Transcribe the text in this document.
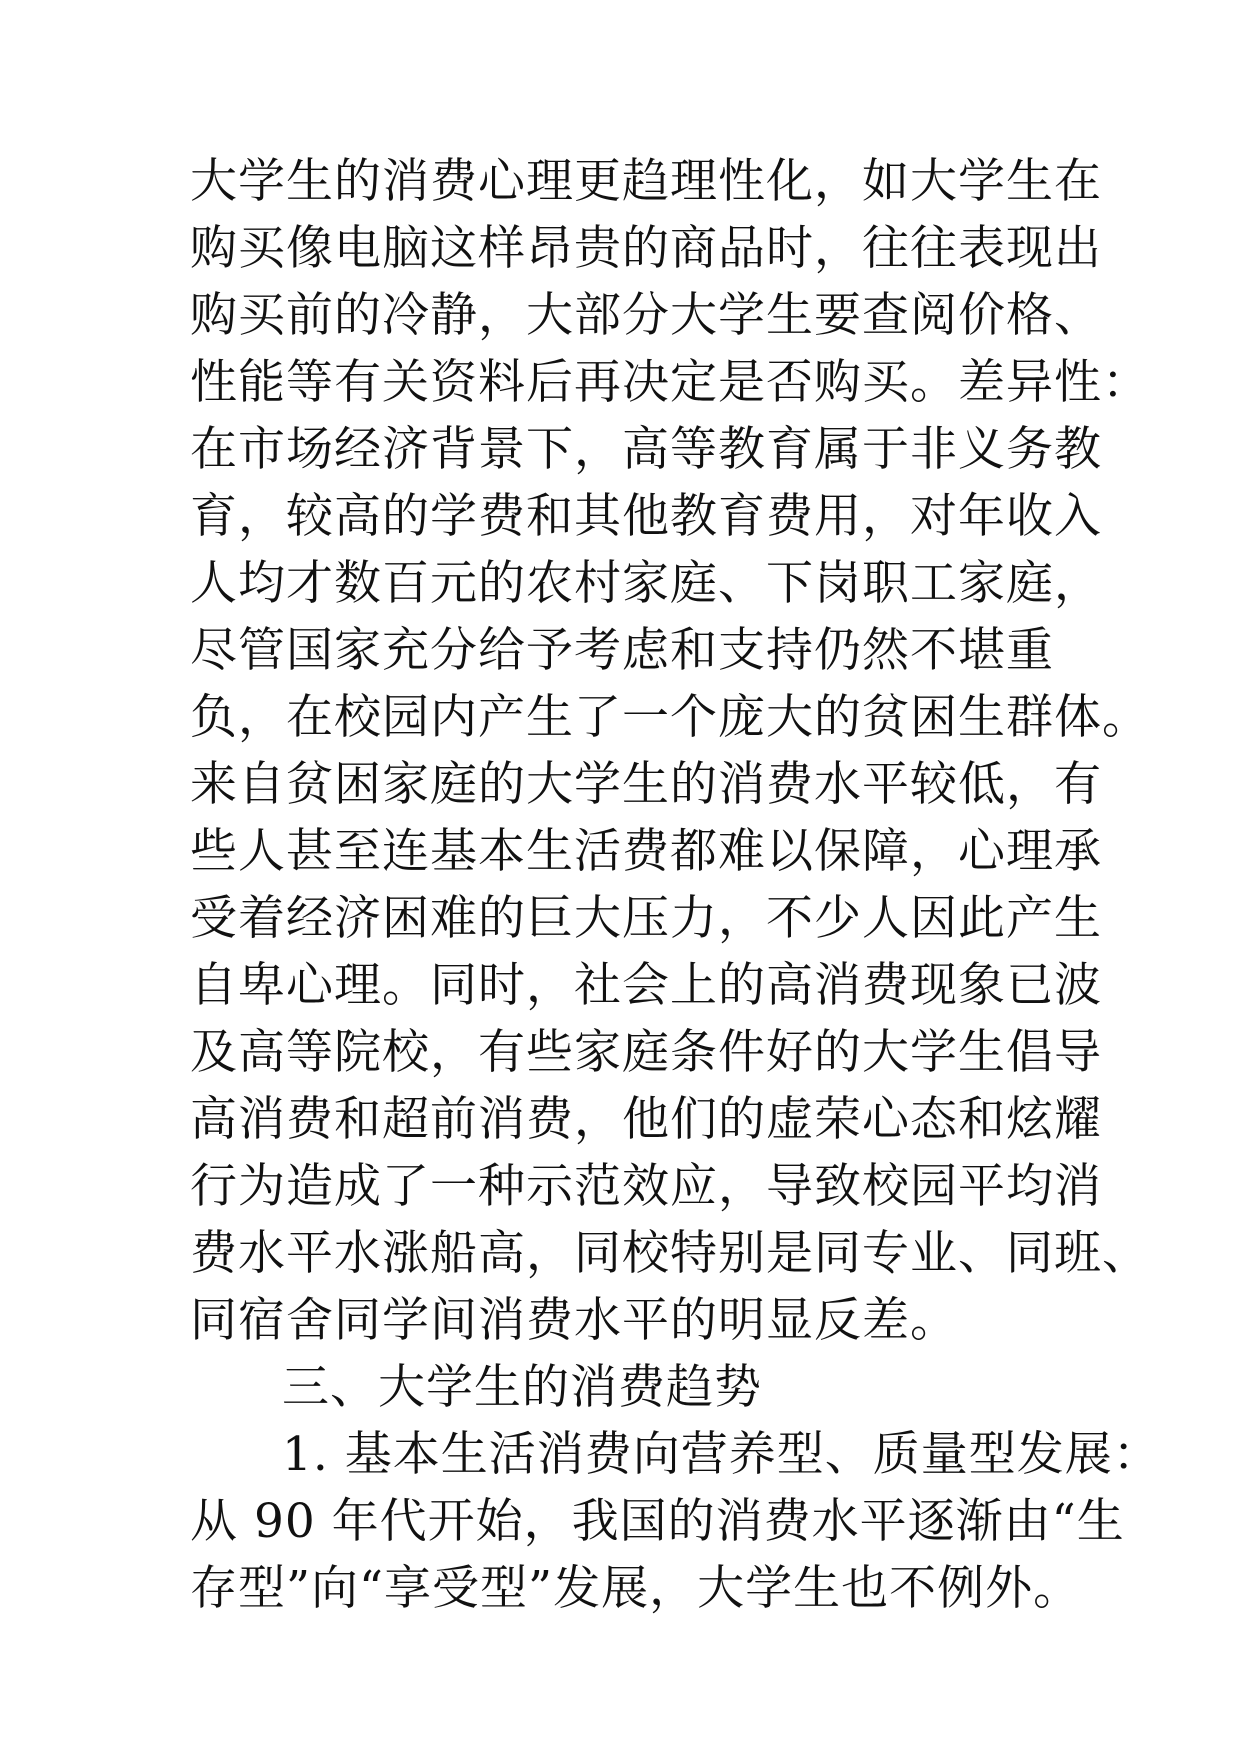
大学生的消费心理更趋理性化，如大学生在
购买像电脑这样昂贵的商品时，往往表现出
购买前的冷静，大部分大学生要查阅价格、
性能等有关资料后再决定是否购买。差异性：
在市场经济背景下，高等教育属于非义务教
育，较高的学费和其他教育费用，对年收入
人均才数百元的农村家庭、下岗职工家庭，
尽管国家充分给予考虑和支持仍然不堪重
负，在校园内产生了一个庞大的贫困生群体。
来自贫困家庭的大学生的消费水平较低，有
些人甚至连基本生活费都难以保障，心理承
受着经济困难的巨大压力，不少人因此产生
自卑心理。同时，社会上的高消费现象已波
及高等院校，有些家庭条件好的大学生倡导
高消费和超前消费，他们的虚荣心态和炫耀
行为造成了一种示范效应，导致校园平均消
费水平水涨船高，同校特别是同专业、同班、
同宿舍同学间消费水平的明显反差。
三、大学生的消费趋势
1. 基本生活消费向营养型、质量型发展：
从 90 年代开始，我国的消费水平逐渐由“生
存型”向“享受型”发展，大学生也不例外。
